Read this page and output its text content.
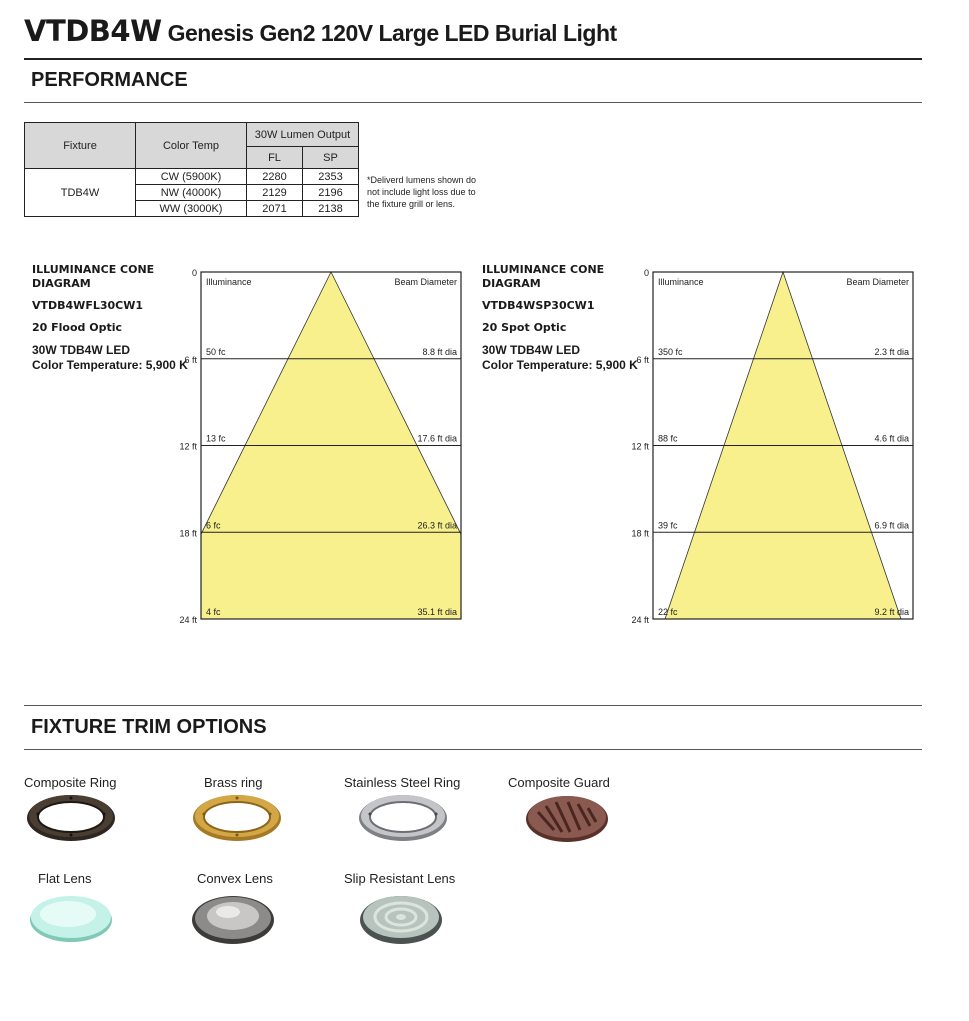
VTDB4W Genesis Gen2 120V Large LED Burial Light
PERFORMANCE
Fixture	Color Temp	30W Lumen Output	
		FL	SP
TDB4W	CW (5900K)	2280	2353
	NW (4000K)	2129	2196
	WW (3000K)	2071	2138
*Deliverd lumens shown do not include light loss due to the fixture grill or lens.
ILLUMINANCE CONE DIAGRAM
VTDB4WFL30CW1
20 Flood Optic
30W TDB4W LED
Color Temperature: 5,900 K
ILLUMINANCE CONE DIAGRAM
VTDB4WSP30CW1
20 Spot Optic
30W TDB4W LED
Color Temperature: 5,900 K
Illuminance	Beam Diameter
0
6 ft
12 ft
18 ft
24 ft
50 fc	8.8 ft dia
13 fc	17.6 ft dia
6 fc	26.3 ft dia
4 fc	35.1 ft dia
Illuminance	Beam Diameter
0
6 ft
12 ft
18 ft
24 ft
350 fc	2.3 ft dia
88 fc	4.6 ft dia
39 fc	6.9 ft dia
22 fc	9.2 ft dia
FIXTURE TRIM OPTIONS
Composite Ring	Brass ring	Stainless Steel Ring	Composite Guard
Flat Lens	Convex Lens	Slip Resistant Lens
